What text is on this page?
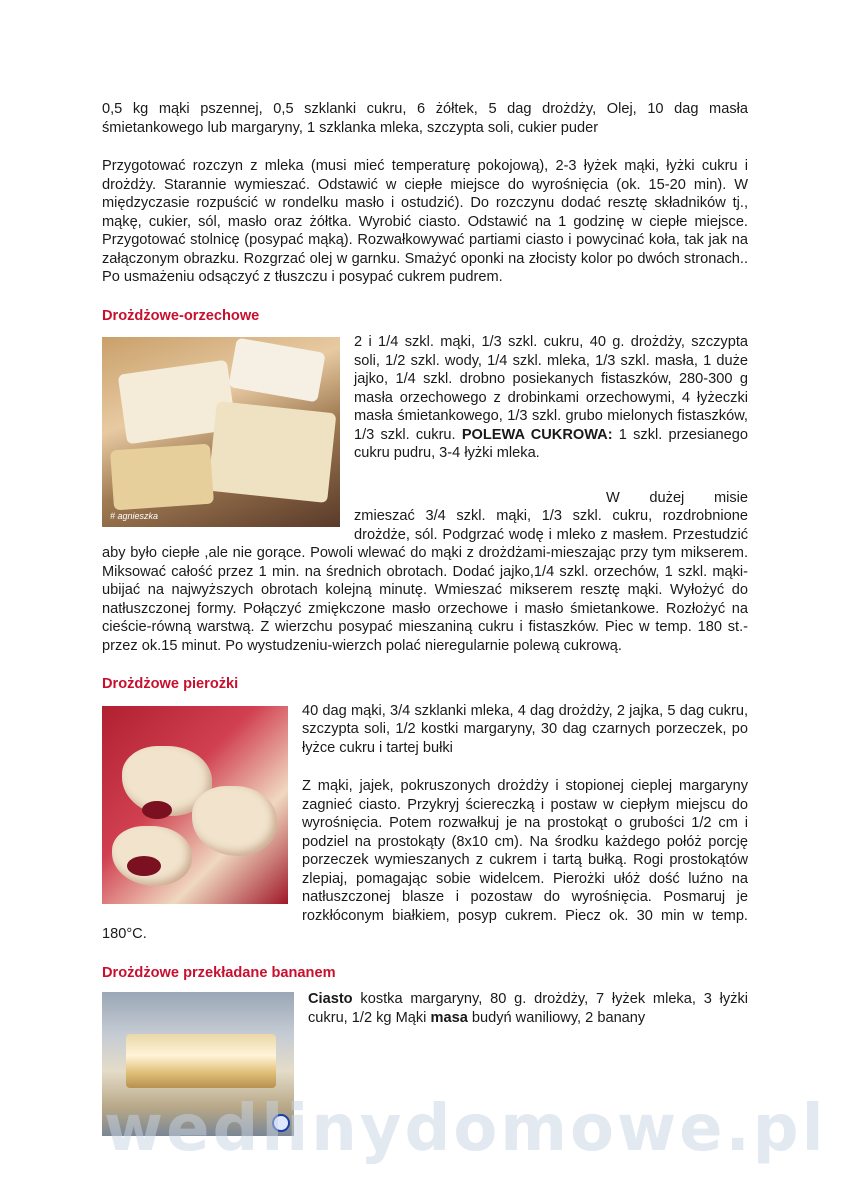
0,5 kg mąki pszennej, 0,5 szklanki cukru, 6 żółtek, 5 dag drożdży, Olej, 10 dag masła śmietankowego lub margaryny, 1 szklanka mleka, szczypta soli, cukier puder

Przygotować rozczyn z mleka (musi mieć temperaturę pokojową), 2-3 łyżek mąki, łyżki cukru i drożdży. Starannie wymieszać. Odstawić w ciepłe miejsce do wyrośnięcia (ok. 15-20 min). W międzyczasie rozpuścić w rondelku masło i ostudzić). Do rozczynu dodać resztę składników tj., mąkę, cukier, sól, masło oraz żółtka. Wyrobić ciasto. Odstawić na 1 godzinę w ciepłe miejsce. Przygotować stolnicę (posypać mąką). Rozwałkowywać partiami ciasto i powycinać koła, tak jak na załączonym obrazku. Rozgrzać olej w garnku. Smażyć oponki na złocisty kolor po dwóch stronach.. Po usmażeniu odsączyć z tłuszczu i posypać cukrem pudrem.

Drożdżowe-orzechowe
# agnieszka

2 i 1/4 szkl. mąki, 1/3 szkl. cukru, 40 g. drożdży, szczypta soli, 1/2 szkl. wody, 1/4 szkl. mleka, 1/3 szkl. masła, 1 duże jajko, 1/4 szkl. drobno posiekanych fistaszków, 280-300 g masła orzechowego z drobinkami orzechowymi, 4 łyżeczki masła śmietankowego, 1/3 szkl. grubo mielonych fistaszków, 1/3 szkl. cukru. POLEWA CUKROWA: 1 szkl. przesianego cukru pudru, 3-4 łyżki mleka.

W dużej misie zmieszać 3/4 szkl. mąki, 1/3 szkl. cukru, rozdrobnione drożdże, sól. Podgrzać wodę i mleko z masłem. Przestudzić aby było ciepłe ,ale nie gorące. Powoli wlewać do mąki z drożdżami-mieszając przy tym mikserem. Miksować całość przez 1 min. na średnich obrotach. Dodać jajko,1/4 szkl. orzechów, 1 szkl. mąki- ubijać na najwyższych obrotach kolejną minutę. Wmieszać mikserem resztę mąki. Wyłożyć do natłuszczonej formy. Połączyć zmiękczone masło orzechowe i masło śmietankowe. Rozłożyć na cieście-równą warstwą. Z wierzchu posypać mieszaniną cukru i fistaszków. Piec w temp. 180 st.-przez ok.15 minut. Po wystudzeniu-wierzch polać nieregularnie polewą cukrową.

Drożdżowe pierożki

40 dag mąki, 3/4 szklanki mleka, 4 dag drożdży, 2 jajka, 5 dag cukru, szczypta soli, 1/2 kostki margaryny, 30 dag czarnych porzeczek, po łyżce cukru i tartej bułki

Z mąki, jajek, pokruszonych drożdży i stopionej cieplej margaryny zagnieć ciasto. Przykryj ściereczką i postaw w ciepłym miejscu do wyrośnięcia. Potem rozwałkuj je na prostokąt o grubości 1/2 cm i podziel na prostokąty (8x10 cm). Na środku każdego połóż porcję porzeczek wymieszanych z cukrem i tartą bułką. Rogi prostokątów zlepiaj, pomagając sobie widelcem. Pierożki ułóż dość luźno na natłuszczonej blasze i pozostaw do wyrośnięcia. Posmaruj je rozkłóconym białkiem, posyp cukrem. Piecz ok. 30 min w temp. 180°C.

Drożdżowe przekładane bananem

Ciasto kostka margaryny, 80 g. drożdży, 7 łyżek mleka, 3 łyżki cukru, 1/2 kg Mąki masa budyń waniliowy, 2 banany

wedlinydomowe.pl
